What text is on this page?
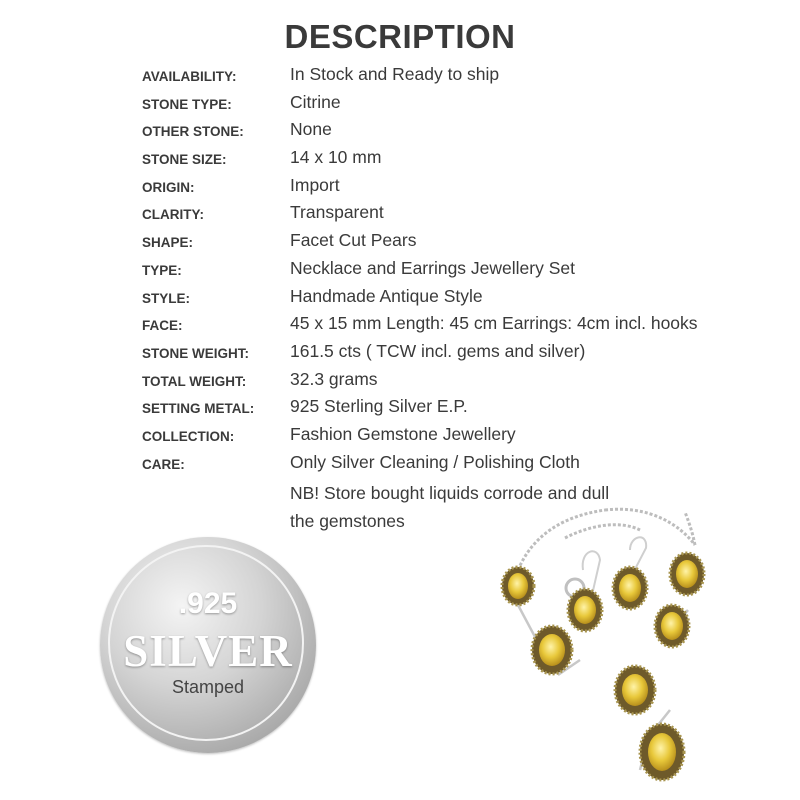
DESCRIPTION
AVAILABILITY:	In Stock and Ready to ship
STONE TYPE:	Citrine
OTHER STONE:	None
STONE SIZE:	14 x 10 mm
ORIGIN:	Import
CLARITY:	Transparent
SHAPE:	Facet Cut Pears
TYPE:	Necklace and Earrings Jewellery Set
STYLE:	Handmade Antique Style
FACE:	45 x 15 mm Length: 45 cm Earrings: 4cm incl. hooks
STONE WEIGHT: 161.5 cts ( TCW incl. gems and silver)
TOTAL WEIGHT:	32.3 grams
SETTING METAL: 925 Sterling Silver E.P.
COLLECTION:	Fashion Gemstone Jewellery
CARE:	Only Silver Cleaning / Polishing Cloth
NB! Store bought liquids corrode and dull
the gemstones
.925
SILVER
Stamped
